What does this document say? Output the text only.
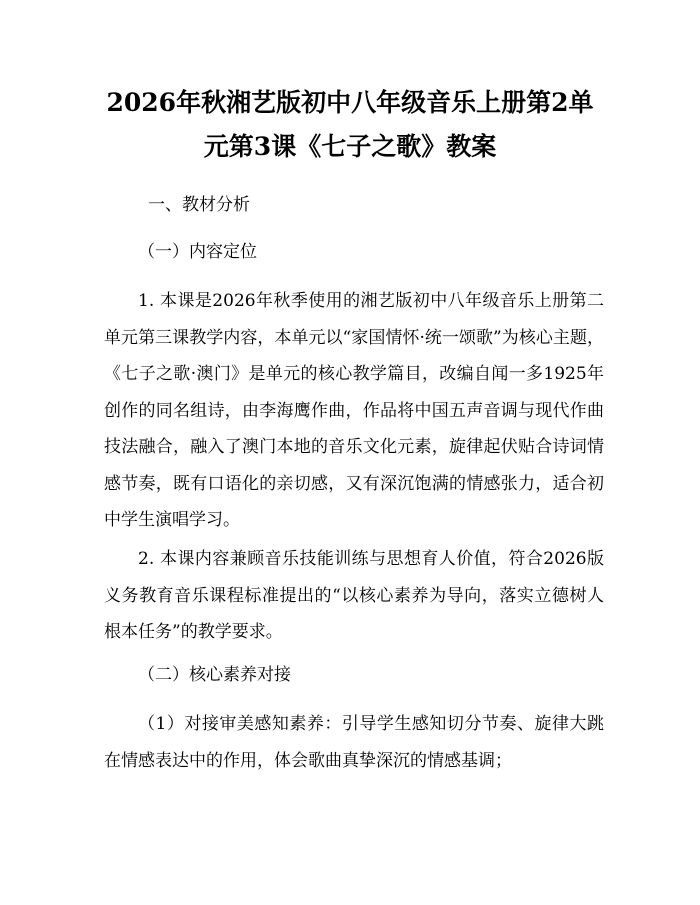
2026年秋湘艺版初中八年级音乐上册第2单
元第3课《七子之歌》教案

一、教材分析

（一）内容定位

1. 本课是2026年秋季使用的湘艺版初中八年级音乐上册第二单元第三课教学内容，本单元以“家国情怀·统一颂歌”为核心主题，《七子之歌·澳门》是单元的核心教学篇目，改编自闻一多1925年创作的同名组诗，由李海鹰作曲，作品将中国五声音调与现代作曲技法融合，融入了澳门本地的音乐文化元素，旋律起伏贴合诗词情感节奏，既有口语化的亲切感，又有深沉饱满的情感张力，适合初中学生演唱学习。

2. 本课内容兼顾音乐技能训练与思想育人价值，符合2026版义务教育音乐课程标准提出的“以核心素养为导向，落实立德树人根本任务”的教学要求。

（二）核心素养对接

（1）对接审美感知素养：引导学生感知切分节奏、旋律大跳在情感表达中的作用，体会歌曲真挚深沉的情感基调；
